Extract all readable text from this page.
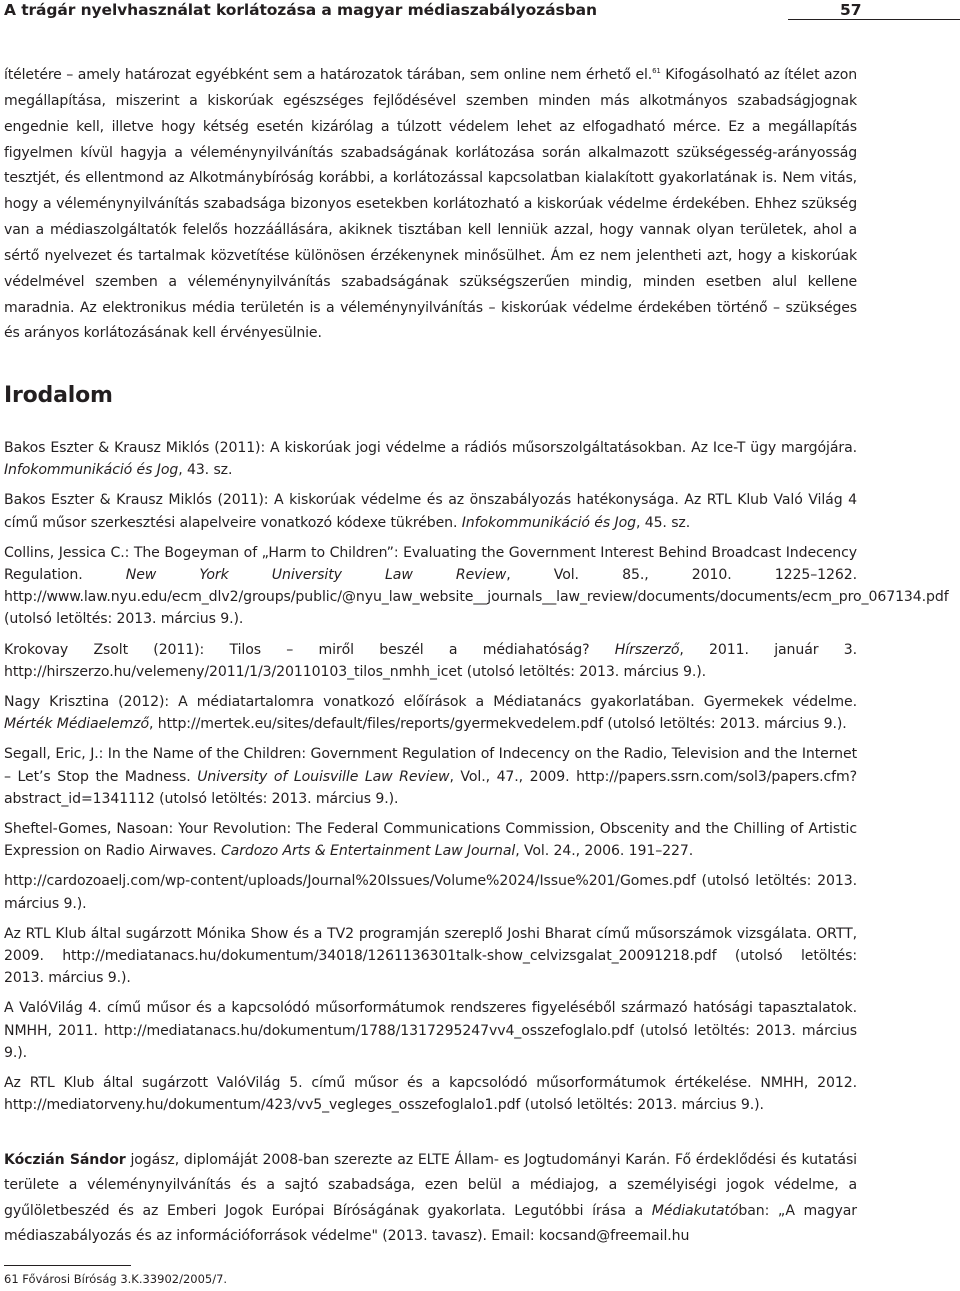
A trágár nyelvhasználat korlátozása a magyar médiaszabályozásban	57

ítéletére – amely határozat egyébként sem a határozatok tárában, sem online nem érhető el.$^{61}$ Kifogásolható az ítélet azon megállapítása, miszerint a kiskorúak egészséges fejlődésével szemben minden más alkotmányos szabadságjognak engednie kell, illetve hogy kétség esetén kizárólag a túlzott védelem lehet az elfogadható mérce. Ez a megállapítás figyelmen kívül hagyja a véleménynyilvánítás szabadságának korlátozása során alkalmazott szükségesség-arányosság tesztjét, és ellentmond az Alkotmánybíróság korábbi, a korlátozással kapcsolatban kialakított gyakorlatának is. Nem vitás, hogy a véleménynyilvánítás szabadsága bizonyos esetekben korlátozható a kiskorúak védelme érdekében. Ehhez szükség van a médiaszolgáltatók felelős hozzáállására, akiknek tisztában kell lenniük azzal, hogy vannak olyan területek, ahol a sértő nyelvezet és tartalmak közvetítése különösen érzékenynek minősülhet. Ám ez nem jelentheti azt, hogy a kiskorúak védelmével szemben a véleménynyilvánítás szabadságának szükségszerűen mindig, minden esetben alul kellene maradnia. Az elektronikus média területén is a véleménynyilvánítás – kiskorúak védelme érdekében történő – szükséges és arányos korlátozásának kell érvényesülnie.

Irodalom

Bakos Eszter & Krausz Miklós (2011): A kiskorúak jogi védelme a rádiós műsorszolgáltatásokban. Az Ice-T ügy margójára. Infokommunikáció és Jog, 43. sz.

Bakos Eszter & Krausz Miklós (2011): A kiskorúak védelme és az önszabályozás hatékonysága. Az RTL Klub Való Világ 4 című műsor szerkesztési alapelveire vonatkozó kódexe tükrében. Infokommunikáció és Jog, 45. sz.

Collins, Jessica C.: The Bogeyman of „Harm to Children”: Evaluating the Government Interest Behind Broadcast Indecency Regulation. New York University Law Review, Vol. 85., 2010. 1225–1262. http://www.law.nyu.edu/ecm_dlv2/groups/public/@nyu_law_website__journals__law_review/documents/documents/ecm_pro_067134.pdf (utolsó letöltés: 2013. március 9.).

Krokovay Zsolt (2011): Tilos – miről beszél a médiahatóság? Hírszerző, 2011. január 3. http://hirszerzo.hu/velemeny/2011/1/3/20110103_tilos_nmhh_icet (utolsó letöltés: 2013. március 9.).

Nagy Krisztina (2012): A médiatartalomra vonatkozó előírások a Médiatanács gyakorlatában. Gyermekek védelme. Mérték Médiaelemző, http://mertek.eu/sites/default/files/reports/gyermekvedelem.pdf (utolsó letöltés: 2013. március 9.).

Segall, Eric, J.: In the Name of the Children: Government Regulation of Indecency on the Radio, Television and the Internet – Let’s Stop the Madness. University of Louisville Law Review, Vol., 47., 2009. http://papers.ssrn.com/sol3/papers.cfm?abstract_id=1341112 (utolsó letöltés: 2013. március 9.).

Sheftel-Gomes, Nasoan: Your Revolution: The Federal Communications Commission, Obscenity and the Chilling of Artistic Expression on Radio Airwaves. Cardozo Arts & Entertainment Law Journal, Vol. 24., 2006. 191–227.

http://cardozoaelj.com/wp-content/uploads/Journal%20Issues/Volume%2024/Issue%201/Gomes.pdf (utolsó letöltés: 2013. március 9.).

Az RTL Klub által sugárzott Mónika Show és a TV2 programján szereplő Joshi Bharat című műsorszámok vizsgálata. ORTT, 2009. http://mediatanacs.hu/dokumentum/34018/1261136301talk-show_celvizsgalat_20091218.pdf (utolsó letöltés: 2013. március 9.).

A ValóVilág 4. című műsor és a kapcsolódó műsorformátumok rendszeres figyeléséből származó hatósági tapasztalatok. NMHH, 2011. http://mediatanacs.hu/dokumentum/1788/1317295247vv4_osszefoglalo.pdf (utolsó letöltés: 2013. március 9.).

Az RTL Klub által sugárzott ValóVilág 5. című műsor és a kapcsolódó műsorformátumok értékelése. NMHH, 2012. http://mediatorveny.hu/dokumentum/423/vv5_vegleges_osszefoglalo1.pdf (utolsó letöltés: 2013. március 9.).

Kóczián Sándor jogász, diplomáját 2008-ban szerezte az ELTE Állam- es Jogtudományi Karán. Fő érdeklődési és kutatási területe a véleménynyilvánítás és a sajtó szabadsága, ezen belül a médiajog, a személyiségi jogok védelme, a gyűlöletbeszéd és az Emberi Jogok Európai Bíróságának gyakorlata. Legutóbbi írása a Médiakutatóban: „A magyar médiaszabályozás és az információforrások védelme" (2013. tavasz). Email: kocsand@freemail.hu

61 Fővárosi Bíróság 3.K.33902/2005/7.
